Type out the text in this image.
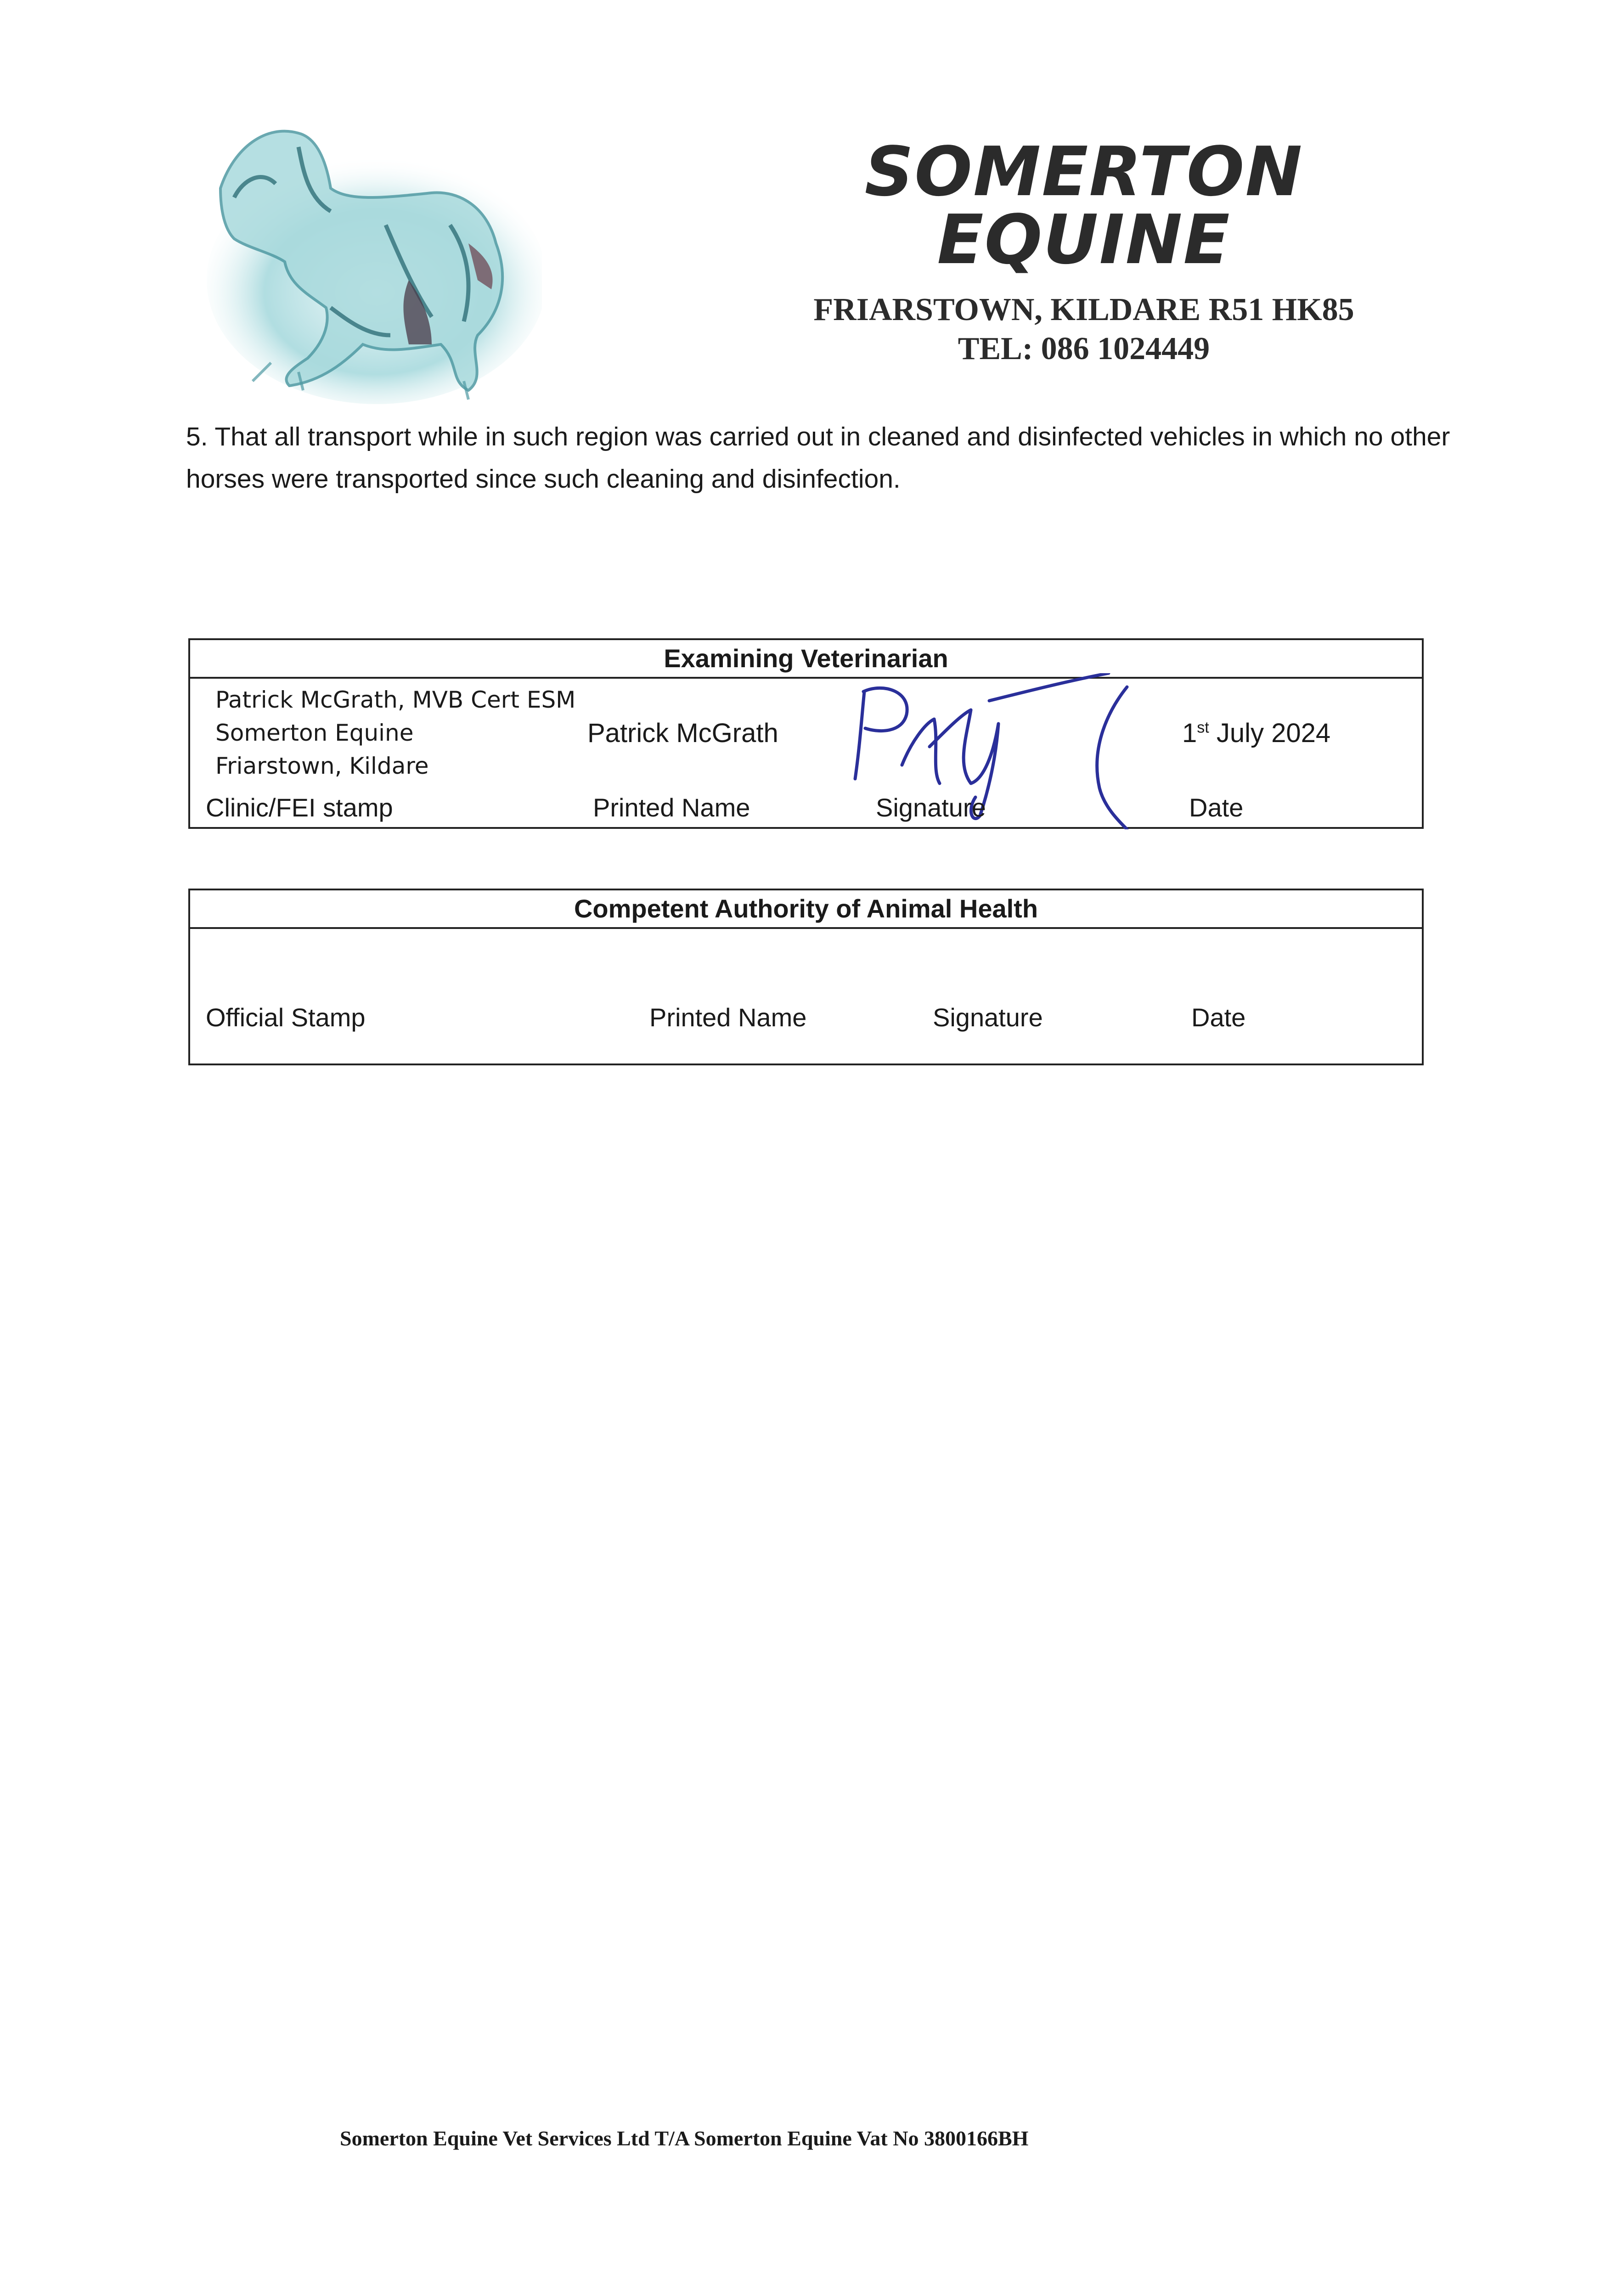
SOMERTON EQUINE
FRIARSTOWN, KILDARE R51 HK85
TEL: 086 1024449
5. That all transport while in such region was carried out in cleaned and disinfected vehicles in which no other horses were transported since such cleaning and disinfection.
Examining Veterinarian
Patrick McGrath, MVB Cert ESM
Somerton Equine
Friarstown, Kildare
Patrick McGrath	1st July 2024
Clinic/FEI stamp	Printed Name	Signature	Date
Competent Authority of Animal Health
Official Stamp	Printed Name	Signature	Date
Somerton Equine Vet Services Ltd T/A Somerton Equine Vat No 3800166BH
